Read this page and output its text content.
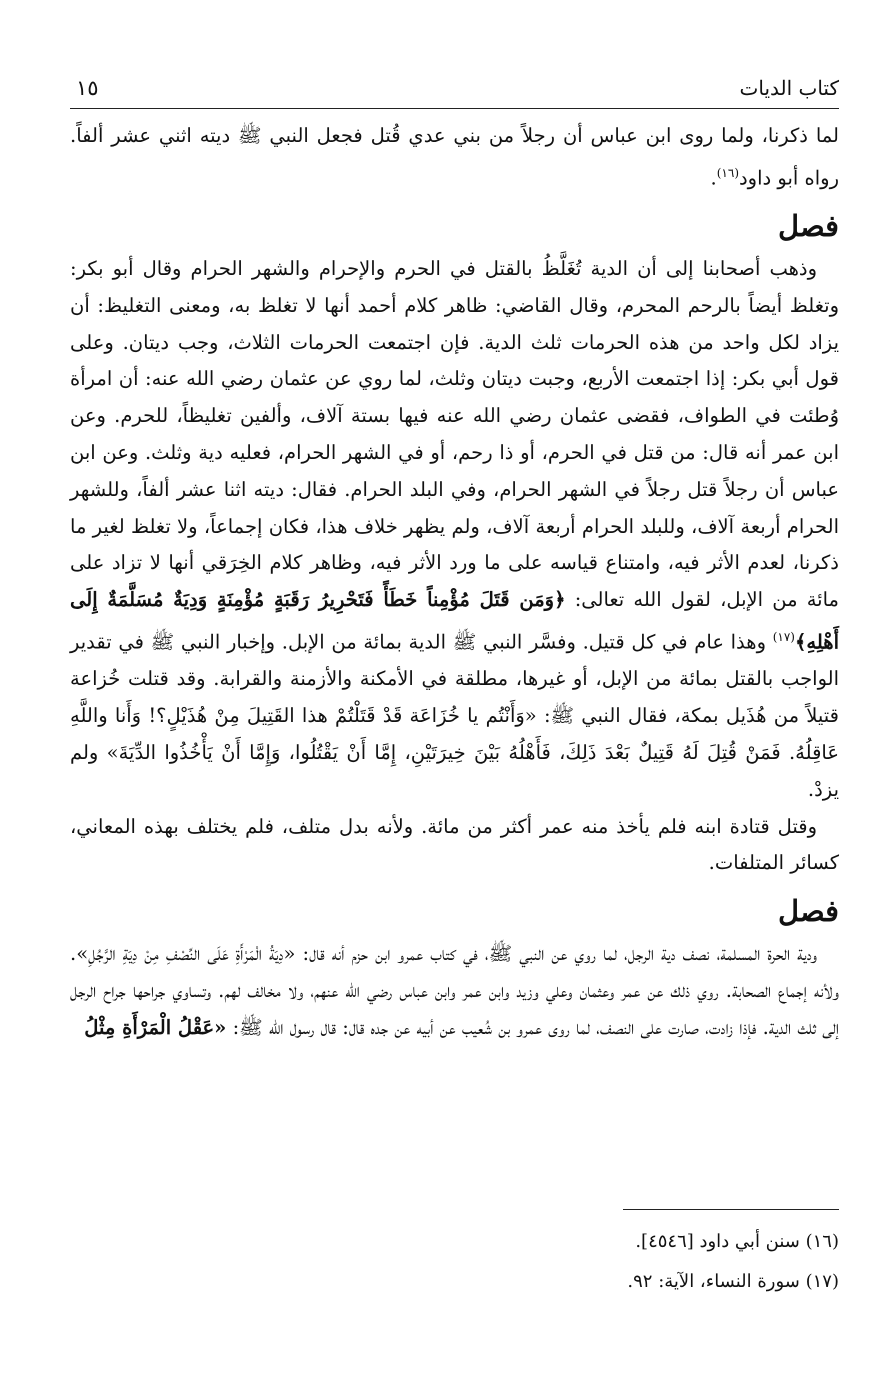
١٥	كتاب الديات

لما ذكرنا، ولما روى ابن عباس أن رجلاً من بني عدي قُتل فجعل النبي ﷺ ديته اثني عشر ألفاً. رواه أبو داود$^{(١٦)}$.

فصل

وذهب أصحابنا إلى أن الدية تُغَلَّظُ بالقتل في الحرم والإحرام والشهر الحرام وقال أبو بكر: وتغلظ أيضاً بالرحم المحرم، وقال القاضي: ظاهر كلام أحمد أنها لا تغلظ به، ومعنى التغليظ: أن يزاد لكل واحد من هذه الحرمات ثلث الدية. فإن اجتمعت الحرمات الثلاث، وجب ديتان. وعلى قول أبي بكر: إذا اجتمعت الأربع، وجبت ديتان وثلث، لما روي عن عثمان رضي الله عنه: أن امرأة وُطئت في الطواف، فقضى عثمان رضي الله عنه فيها بستة آلاف، وألفين تغليظاً، للحرم. وعن ابن عمر أنه قال: من قتل في الحرم، أو ذا رحم، أو في الشهر الحرام، فعليه دية وثلث. وعن ابن عباس أن رجلاً قتل رجلاً في الشهر الحرام، وفي البلد الحرام. فقال: ديته اثنا عشر ألفاً، وللشهر الحرام أربعة آلاف، وللبلد الحرام أربعة آلاف، ولم يظهر خلاف هذا، فكان إجماعاً، ولا تغلظ لغير ما ذكرنا، لعدم الأثر فيه، وامتناع قياسه على ما ورد الأثر فيه، وظاهر كلام الخِرَقي أنها لا تزاد على مائة من الإبل، لقول الله تعالى: ﴿وَمَن قَتَلَ مُؤْمِناً خَطَأً فَتَحْرِيرُ رَقَبَةٍ مُؤْمِنَةٍ وَدِيَةٌ مُسَلَّمَةٌ إِلَى أَهْلِهِ﴾$^{(١٧)}$ وهذا عام في كل قتيل. وفسَّر النبي ﷺ الدية بمائة من الإبل. وإخبار النبي ﷺ في تقدير الواجب بالقتل بمائة من الإبل، أو غيرها، مطلقة في الأمكنة والأزمنة والقرابة. وقد قتلت خُزاعة قتيلاً من هُذَيل بمكة، فقال النبي ﷺ: «وَأَنْتُم يا خُزَاعَة قَدْ قَتَلْتُمْ هذا القَتِيلَ مِنْ هُذَيْلٍ؟! وَأَنا واللَّهِ عَاقِلُهُ. فَمَنْ قُتِلَ لَهُ قَتِيلٌ بَعْدَ ذَلِكَ، فَأَهْلُهُ بَيْنَ خِيرَتَيْنِ، إِمَّا أَنْ يَقْتُلُوا، وَإِمَّا أَنْ يَأْخُذُوا الدِّيَةَ» ولم يزدْ.

وقتل قتادة ابنه فلم يأخذ منه عمر أكثر من مائة. ولأنه بدل متلف، فلم يختلف بهذه المعاني، كسائر المتلفات.

فصل

ودية الحرة المسلمة، نصف دية الرجل، لما روي عن النبي ﷺ، في كتاب عمرو ابن حزم أنه قال: «دِيَةُ الْمَرْأَةِ عَلَى النِّصْفِ مِنْ دِيَةِ الرَّجُلِ». ولأنه إجماع الصحابة. روي ذلك عن عمر وعثمان وعلي وزيد وابن عمر وابن عباس رضي الله عنهم، ولا مخالف لهم. وتساوي جراحها جراح الرجل إلى ثلث الدية. فإذا زادت، صارت على النصف، لما روى عمرو بن شُعيب عن أبيه عن جده قال: قال رسول الله ﷺ: «عَقْلُ الْمَرْأَةِ مِثْلُ

(١٦) سنن أبي داود [٤٥٤٦].

(١٧) سورة النساء، الآية: ٩٢.
